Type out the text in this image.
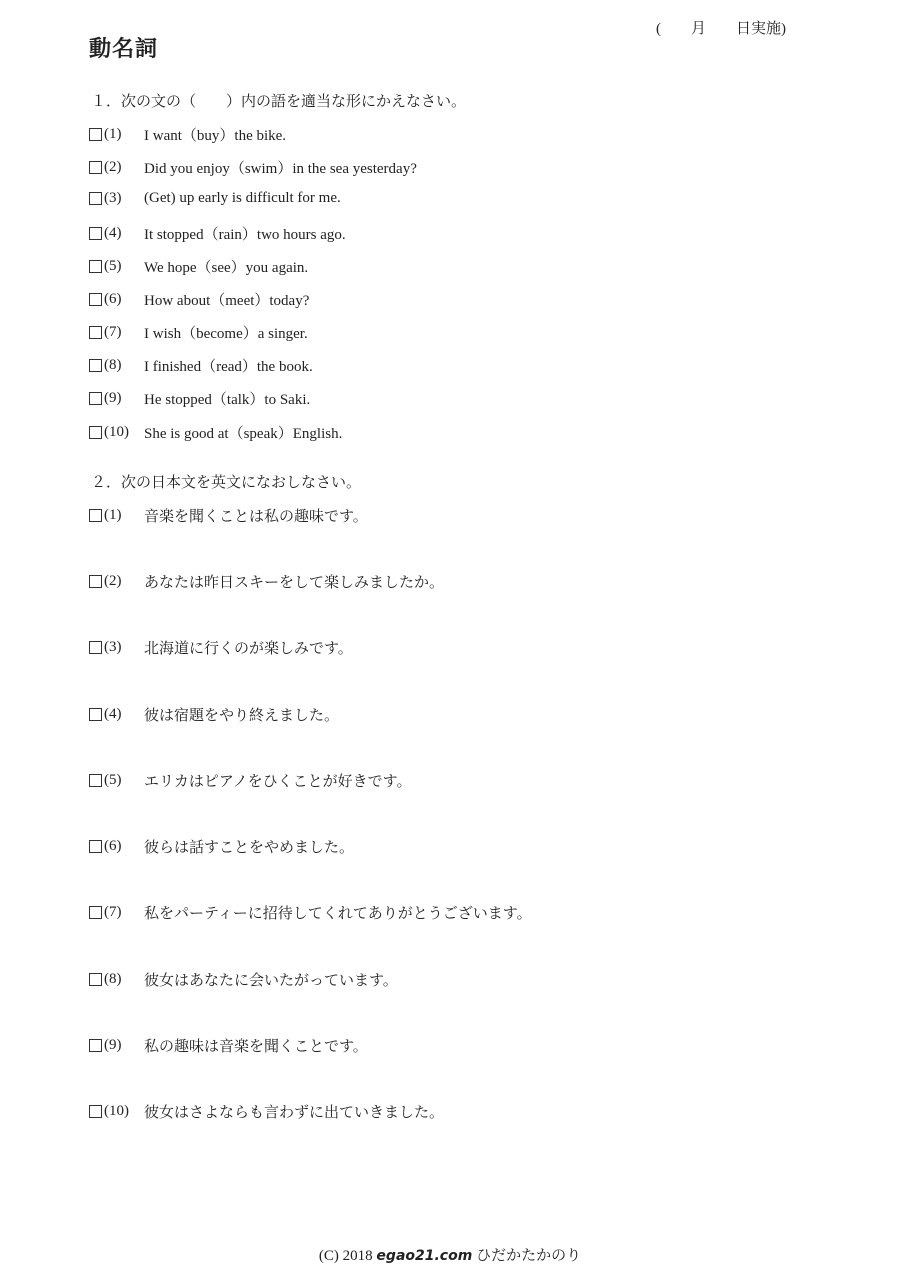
(　　月　　日実施)
動名詞
１．次の文の（　　）内の語を適当な形にかえなさい。
(1)	I want（buy）the bike.
(2)	Did you enjoy（swim）in the sea yesterday?
(3)	(Get) up early is difficult for me.
(4)	It stopped（rain）two hours ago.
(5)	We hope（see）you again.
(6)	How about（meet）today?
(7)	I wish（become）a singer.
(8)	I finished（read）the book.
(9)	He stopped（talk）to Saki.
(10)	She is good at（speak）English.
２．次の日本文を英文になおしなさい。
(1)	音楽を聞くことは私の趣味です。
(2)	あなたは昨日スキーをして楽しみましたか。
(3)	北海道に行くのが楽しみです。
(4)	彼は宿題をやり終えました。
(5)	エリカはピアノをひくことが好きです。
(6)	彼らは話すことをやめました。
(7)	私をパーティーに招待してくれてありがとうございます。
(8)	彼女はあなたに会いたがっています。
(9)	私の趣味は音楽を聞くことです。
(10)	彼女はさよならも言わずに出ていきました。
(C) 2018 egao21.com ひだかたかのり
